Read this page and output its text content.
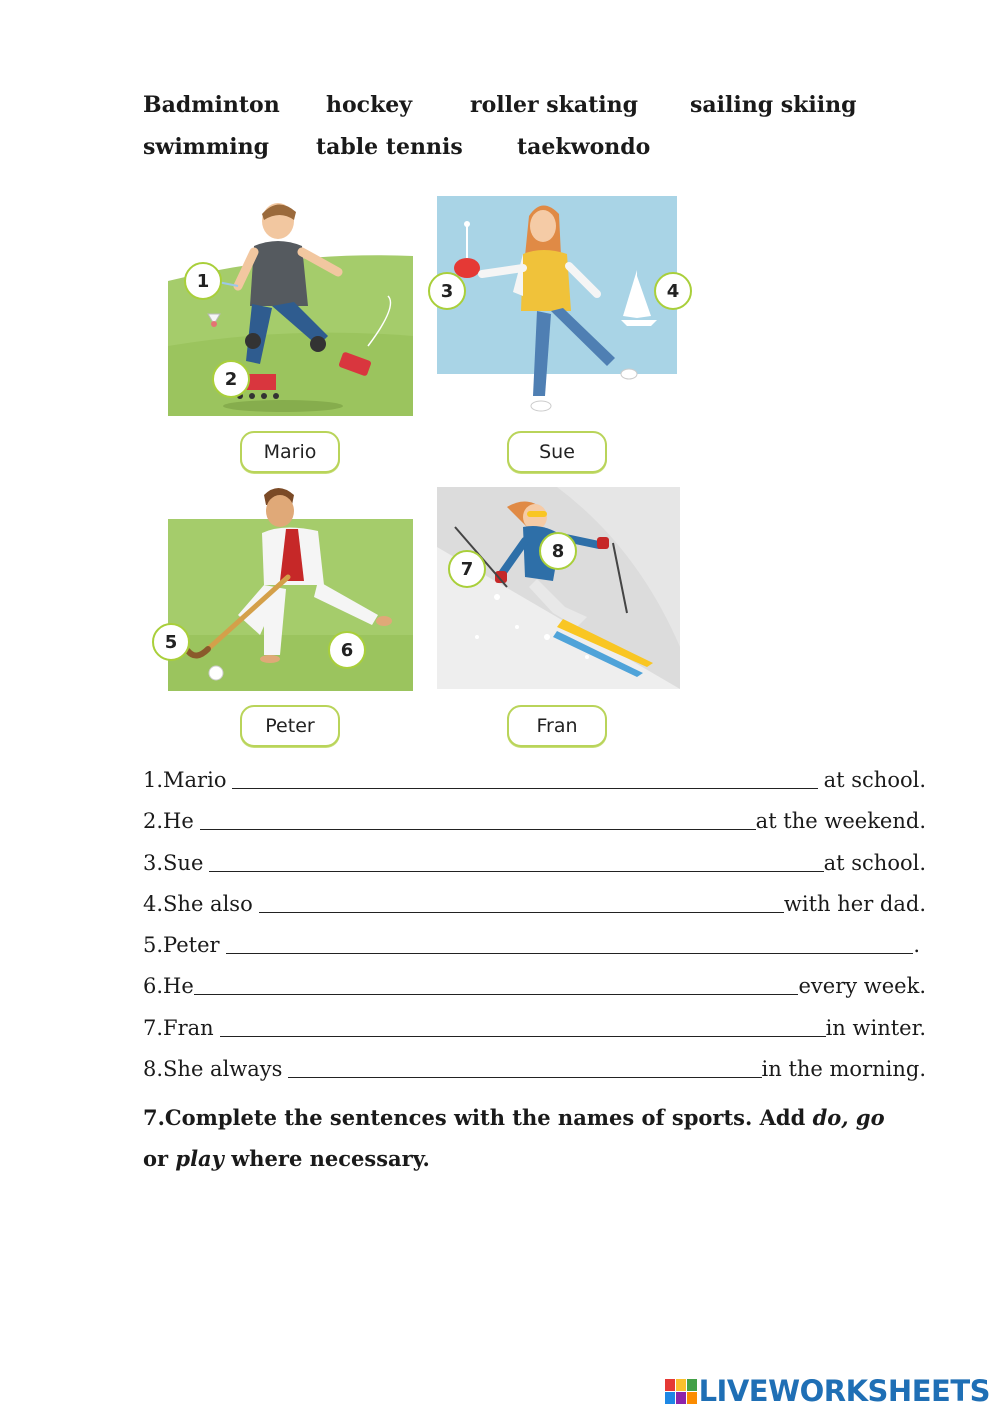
Badminton hockey	roller skating sailing skiing
swimming table tennis taekwondo
1
2
Mario
3	4
Sue
5	6
Peter
7
8
Fran
1.Mario	at school.
2.He	at the weekend.
3.Sue	at school.
4.She also	with her dad.
5.Peter	.
6.He	every week.
7.Fran	in winter.
8.She always	in the morning.
7.Complete the sentences with the names of sports. Add do, go
or play where necessary.
LIVEWORKSHEETS
